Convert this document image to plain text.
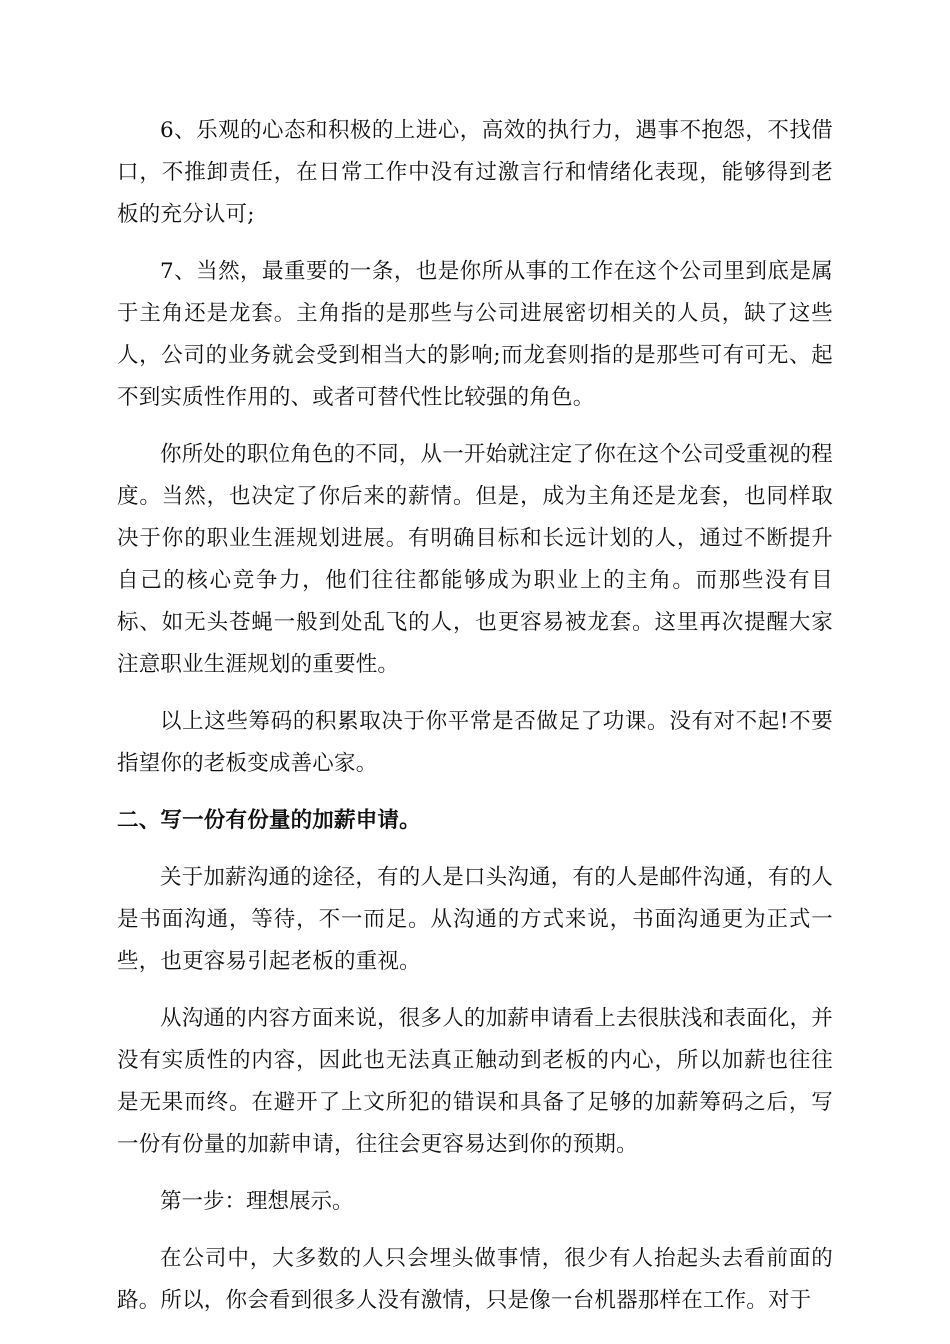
6、乐观的心态和积极的上进心，高效的执行力，遇事不抱怨，不找借口，不推卸责任，在日常工作中没有过激言行和情绪化表现，能够得到老板的充分认可;

7、当然，最重要的一条，也是你所从事的工作在这个公司里到底是属于主角还是龙套。主角指的是那些与公司进展密切相关的人员，缺了这些人，公司的业务就会受到相当大的影响;而龙套则指的是那些可有可无、起不到实质性作用的、或者可替代性比较强的角色。

你所处的职位角色的不同，从一开始就注定了你在这个公司受重视的程度。当然，也决定了你后来的薪情。但是，成为主角还是龙套，也同样取决于你的职业生涯规划进展。有明确目标和长远计划的人，通过不断提升自己的核心竞争力，他们往往都能够成为职业上的主角。而那些没有目标、如无头苍蝇一般到处乱飞的人，也更容易被龙套。这里再次提醒大家注意职业生涯规划的重要性。

以上这些筹码的积累取决于你平常是否做足了功课。没有对不起!不要指望你的老板变成善心家。

二、写一份有份量的加薪申请。

关于加薪沟通的途径，有的人是口头沟通，有的人是邮件沟通，有的人是书面沟通，等待，不一而足。从沟通的方式来说，书面沟通更为正式一些，也更容易引起老板的重视。

从沟通的内容方面来说，很多人的加薪申请看上去很肤浅和表面化，并没有实质性的内容，因此也无法真正触动到老板的内心，所以加薪也往往是无果而终。在避开了上文所犯的错误和具备了足够的加薪筹码之后，写一份有份量的加薪申请，往往会更容易达到你的预期。

第一步：理想展示。

在公司中，大多数的人只会埋头做事情，很少有人抬起头去看前面的路。所以，你会看到很多人没有激情，只是像一台机器那样在工作。对于
